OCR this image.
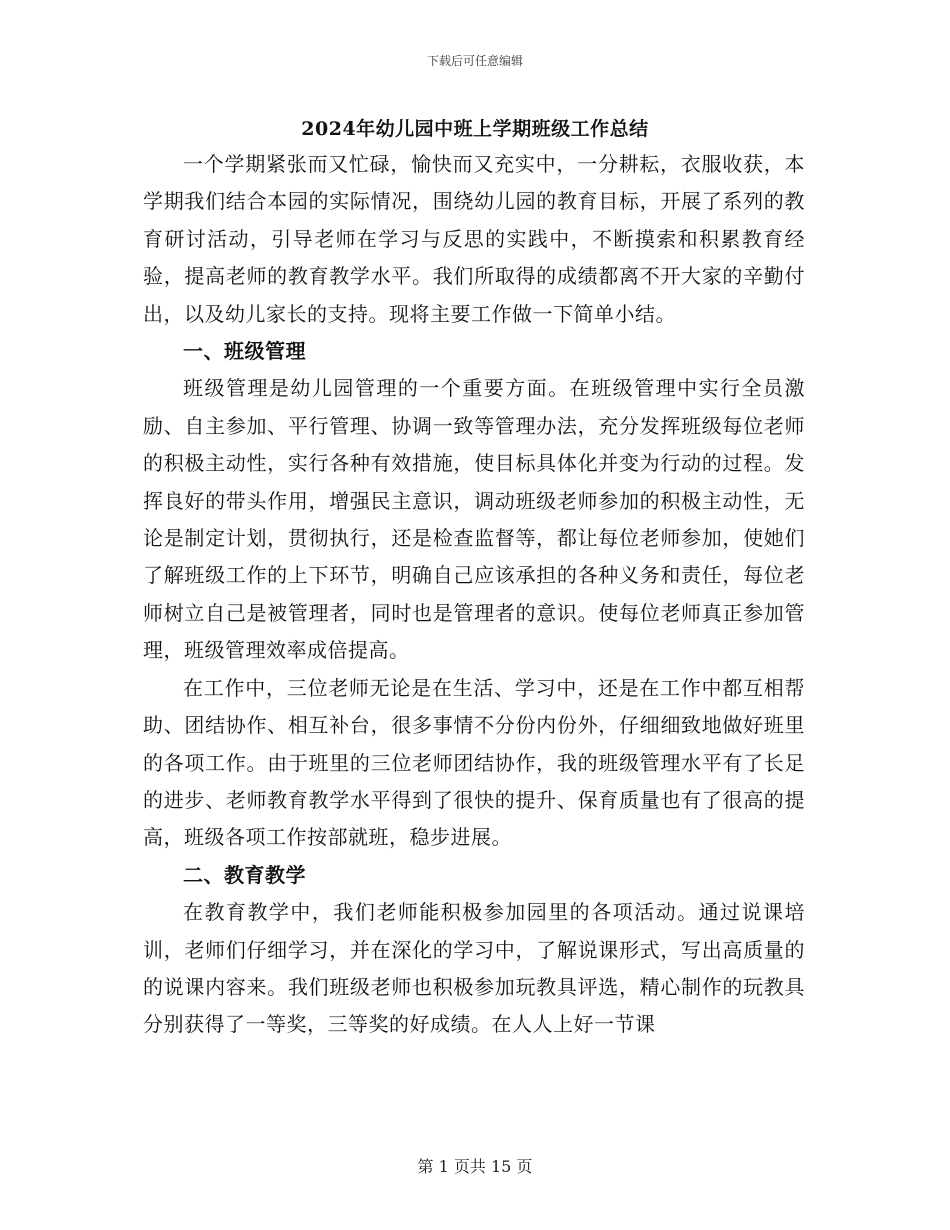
下载后可任意编辑
2024年幼儿园中班上学期班级工作总结

一个学期紧张而又忙碌，愉快而又充实中，一分耕耘，衣服收获，本学期我们结合本园的实际情况，围绕幼儿园的教育目标，开展了系列的教育研讨活动，引导老师在学习与反思的实践中，不断摸索和积累教育经验，提高老师的教育教学水平。我们所取得的成绩都离不开大家的辛勤付出，以及幼儿家长的支持。现将主要工作做一下简单小结。

一、班级管理

班级管理是幼儿园管理的一个重要方面。在班级管理中实行全员激励、自主参加、平行管理、协调一致等管理办法，充分发挥班级每位老师的积极主动性，实行各种有效措施，使目标具体化并变为行动的过程。发挥良好的带头作用，增强民主意识，调动班级老师参加的积极主动性，无论是制定计划，贯彻执行，还是检查监督等，都让每位老师参加，使她们了解班级工作的上下环节，明确自己应该承担的各种义务和责任，每位老师树立自己是被管理者，同时也是管理者的意识。使每位老师真正参加管理，班级管理效率成倍提高。

在工作中，三位老师无论是在生活、学习中，还是在工作中都互相帮助、团结协作、相互补台，很多事情不分份内份外，仔细细致地做好班里的各项工作。由于班里的三位老师团结协作，我的班级管理水平有了长足的进步、老师教育教学水平得到了很快的提升、保育质量也有了很高的提高，班级各项工作按部就班，稳步进展。

二、教育教学

在教育教学中，我们老师能积极参加园里的各项活动。通过说课培训，老师们仔细学习，并在深化的学习中，了解说课形式，写出高质量的的说课内容来。我们班级老师也积极参加玩教具评选，精心制作的玩教具分别获得了一等奖，三等奖的好成绩。在人人上好一节课

第 1 页共 15 页
